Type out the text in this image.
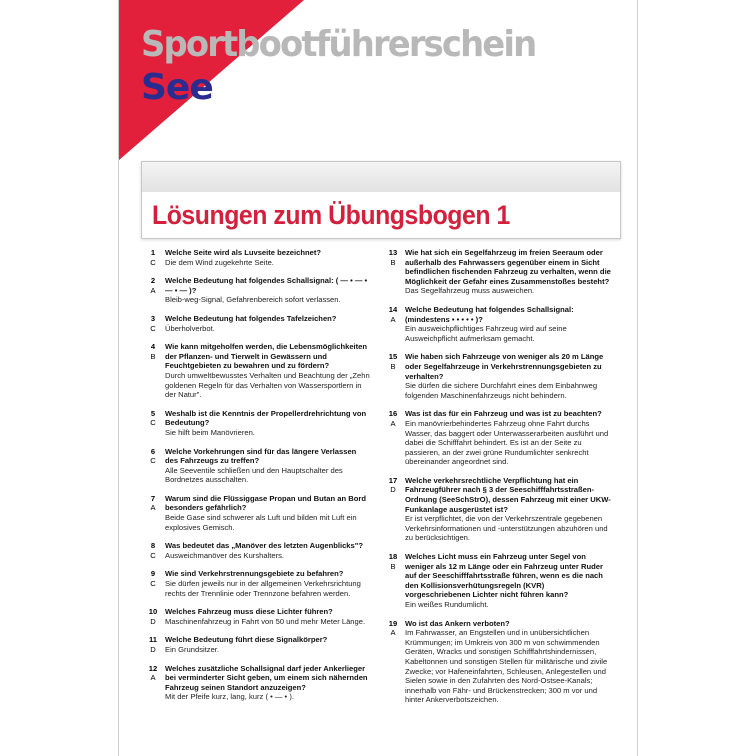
Sportbootführerschein
See
Lösungen zum Übungsbogen 1
1
C
Welche Seite wird als Luvseite bezeichnet?
Die dem Wind zugekehrte Seite.
2
A
Welche Bedeutung hat folgendes Schallsignal: ( — • — • — • — )?
Bleib-weg-Signal, Gefahrenbereich sofort verlassen.
3
C
Welche Bedeutung hat folgendes Tafelzeichen?
Überholverbot.
4
B
Wie kann mitgeholfen werden, die Lebensmöglichkeiten der Pflanzen- und Tierwelt in Gewässern und Feuchtgebieten zu bewahren und zu fördern?
Durch umweltbewusstes Verhalten und Beachtung der „Zehn goldenen Regeln für das Verhalten von Wassersportlern in der Natur".
5
C
Weshalb ist die Kenntnis der Propellerdrehrichtung von Bedeutung?
Sie hilft beim Manövrieren.
6
C
Welche Vorkehrungen sind für das längere Verlassen des Fahrzeugs zu treffen?
Alle Seeventile schließen und den Hauptschalter des Bordnetzes ausschalten.
7
A
Warum sind die Flüssiggase Propan und Butan an Bord besonders gefährlich?
Beide Gase sind schwerer als Luft und bilden mit Luft ein explosives Gemisch.
8
C
Was bedeutet das „Manöver des letzten Augenblicks"?
Ausweichmanöver des Kurshalters.
9
C
Wie sind Verkehrstrennungsgebiete zu befahren?
Sie dürfen jeweils nur in der allgemeinen Verkehrsrichtung rechts der Trennlinie oder Trennzone befahren werden.
10
D
Welches Fahrzeug muss diese Lichter führen?
Maschinenfahrzeug in Fahrt von 50 und mehr Meter Länge.
11
D
Welche Bedeutung führt diese Signalkörper?
Ein Grundsitzer.
12
A
Welches zusätzliche Schallsignal darf jeder Ankerlieger bei verminderter Sicht geben, um einem sich nähernden Fahrzeug seinen Standort anzuzeigen?
Mit der Pfeife kurz, lang, kurz ( • — • ).
13
B
Wie hat sich ein Segelfahrzeug im freien Seeraum oder außerhalb des Fahrwassers gegenüber einem in Sicht befindlichen fischenden Fahrzeug zu verhalten, wenn die Möglichkeit der Gefahr eines Zusammenstoßes besteht?
Das Segelfahrzeug muss ausweichen.
14
A
Welche Bedeutung hat folgendes Schallsignal: (mindestens • • • • • )?
Ein ausweichpflichtiges Fahrzeug wird auf seine Ausweichpflicht aufmerksam gemacht.
15
B
Wie haben sich Fahrzeuge von weniger als 20 m Länge oder Segelfahrzeuge in Verkehrstrennungsgebieten zu verhalten?
Sie dürfen die sichere Durchfahrt eines dem Einbahnweg folgenden Maschinenfahrzeugs nicht behindern.
16
A
Was ist das für ein Fahrzeug und was ist zu beachten?
Ein manövrierbehindertes Fahrzeug ohne Fahrt durchs Wasser, das baggert oder Unterwasserarbeiten ausführt und dabei die Schifffahrt behindert. Es ist an der Seite zu passieren, an der zwei grüne Rundumlichter senkrecht übereinander angeordnet sind.
17
D
Welche verkehrsrechtliche Verpflichtung hat ein Fahrzeugführer nach § 3 der Seeschifffahrtsstraßen-Ordnung (SeeSchStrO), dessen Fahrzeug mit einer UKW-Funkanlage ausgerüstet ist?
Er ist verpflichtet, die von der Verkehrszentrale gegebenen Verkehrsinformationen und -unterstützungen abzuhören und zu berücksichtigen.
18
B
Welches Licht muss ein Fahrzeug unter Segel von weniger als 12 m Länge oder ein Fahrzeug unter Ruder auf der Seeschifffahrtsstraße führen, wenn es die nach den Kollisionsverhütungsregeln (KVR) vorgeschriebenen Lichter nicht führen kann?
Ein weißes Rundumlicht.
19
A
Wo ist das Ankern verboten?
Im Fahrwasser, an Engstellen und in unübersichtlichen Krümmungen; im Umkreis von 300 m von schwimmenden Geräten, Wracks und sonstigen Schifffahrtshindernissen, Kabeltonnen und sonstigen Stellen für militärische und zivile Zwecke; vor Hafeneinfahrten, Schleusen, Anlegestellen und Sielen sowie in den Zufahrten des Nord-Ostsee-Kanals; innerhalb von Fähr- und Brückenstrecken; 300 m vor und hinter Ankerverbotszeichen.
